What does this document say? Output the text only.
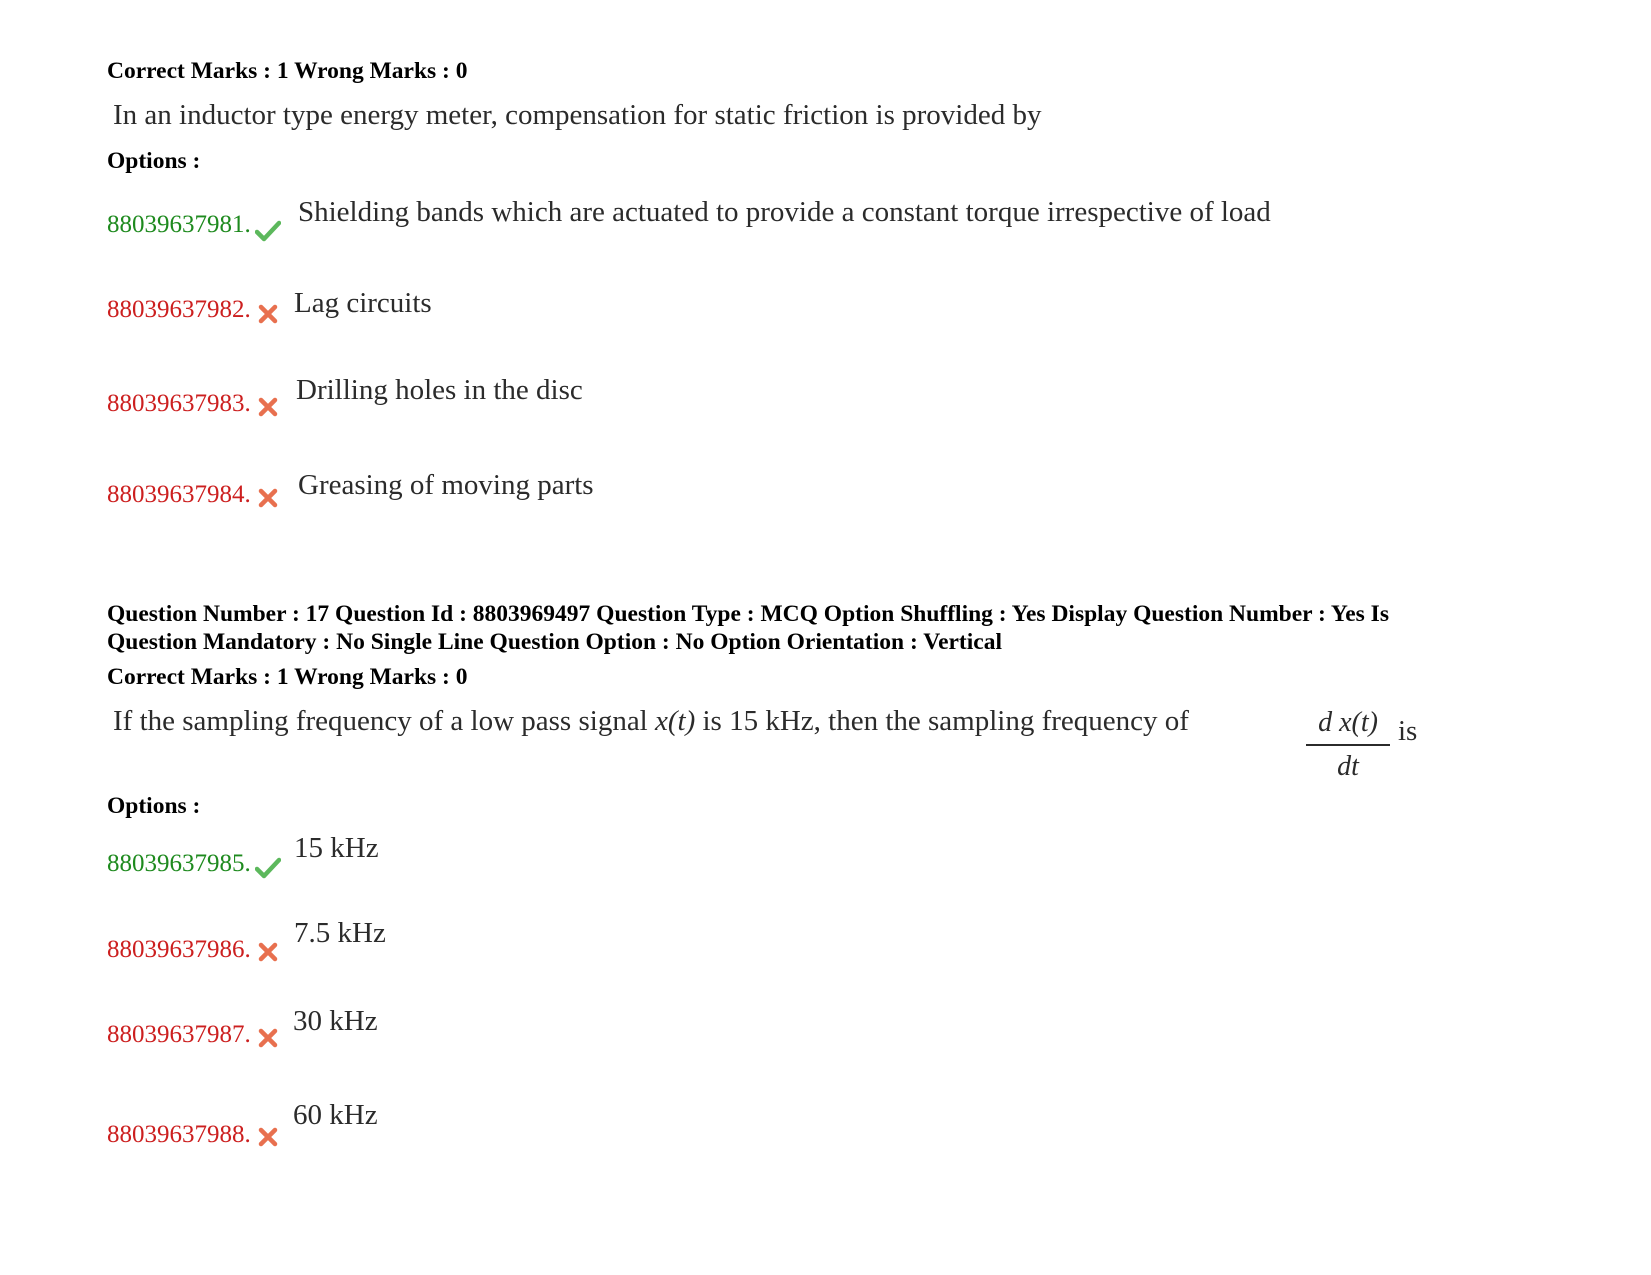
Correct Marks : 1 Wrong Marks : 0
In an inductor type energy meter, compensation for static friction is provided by
Options :
88039637981. Shielding bands which are actuated to provide a constant torque irrespective of load
88039637982. Lag circuits
88039637983. Drilling holes in the disc
88039637984. Greasing of moving parts
Question Number : 17 Question Id : 8803969497 Question Type : MCQ Option Shuffling : Yes Display Question Number : Yes Is
Question Mandatory : No Single Line Question Option : No Option Orientation : Vertical
Correct Marks : 1 Wrong Marks : 0
If the sampling frequency of a low pass signal x(t) is 15 kHz, then the sampling frequency of	d x(t)
dt
is
Options :
88039637985. 15 kHz
88039637986.
7.5 kHz
88039637987. 30 kHz
88039637988.
60 kHz
